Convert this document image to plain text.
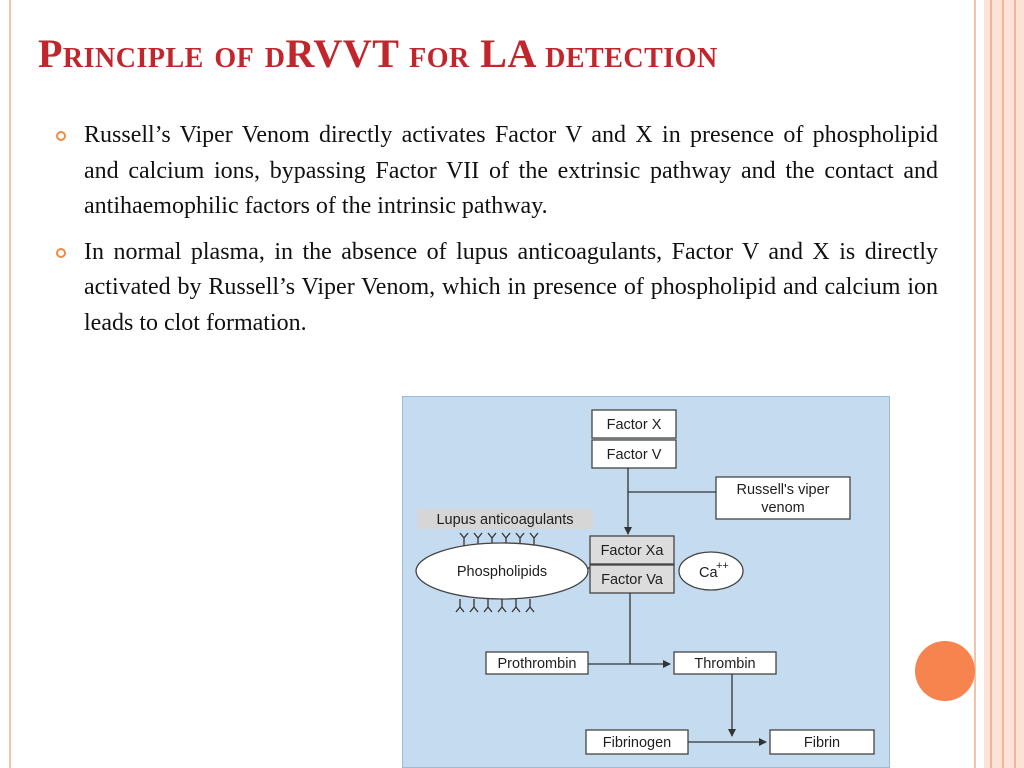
Principle of dRVVT for LA detection
Russell’s Viper Venom directly activates Factor V and X in presence of phospholipid and calcium ions, bypassing Factor VII of the extrinsic pathway and the contact and antihaemophilic factors of the intrinsic pathway.
In normal plasma, in the absence of lupus anticoagulants, Factor V and X is directly activated by Russell’s Viper Venom, which in presence of phospholipid and calcium ion leads to clot formation.
Factor X
Factor V
Russell's viper
venom
Lupus anticoagulants
Phospholipids
Factor Xa
Factor Va Ca
++
Prothrombin	Thrombin
Fibrinogen	Fibrin
